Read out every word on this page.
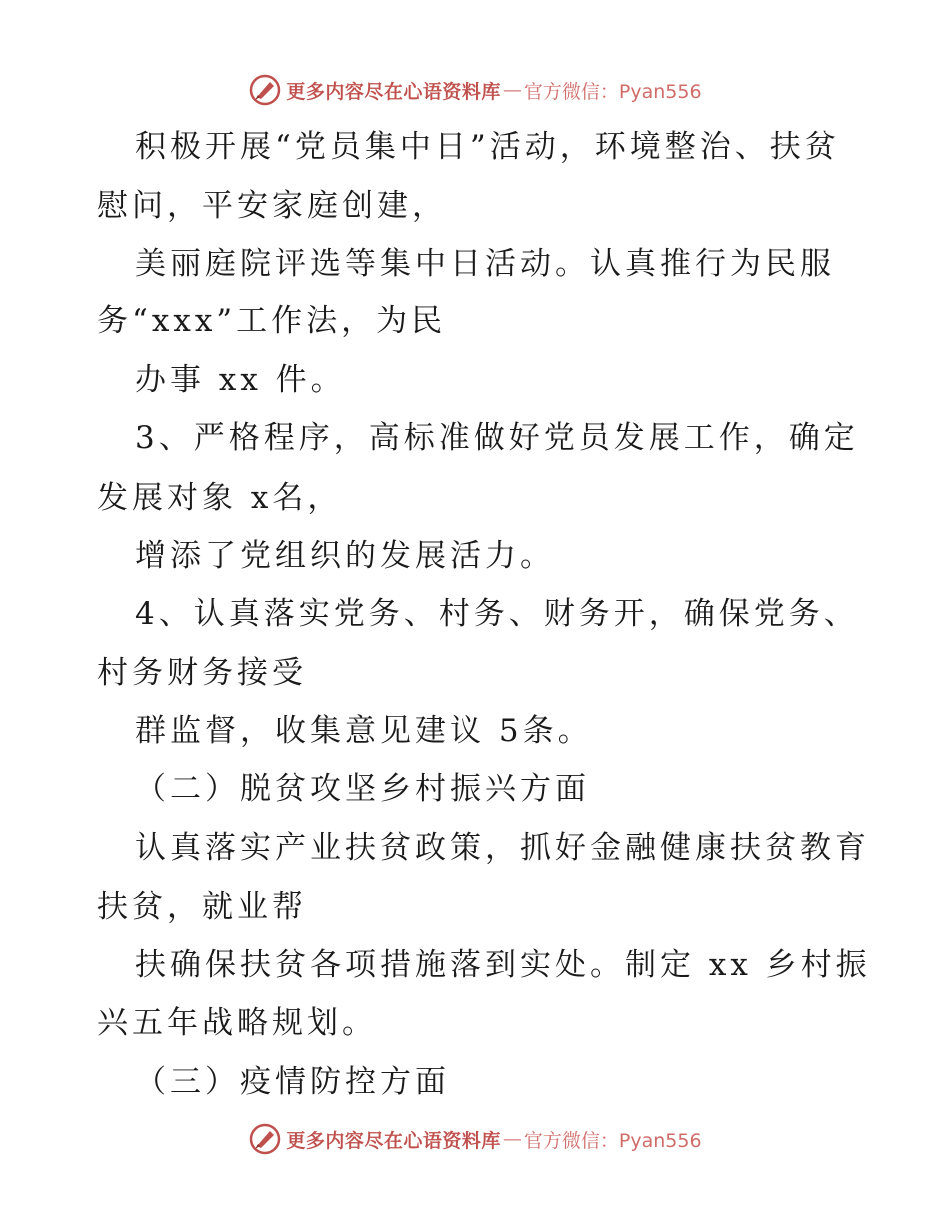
更多内容尽在心语资料库 — 官方微信：Pyan556
积极开展“党员集中日”活动，环境整治、扶贫
慰问，平安家庭创建，
美丽庭院评选等集中日活动。认真推行为民服
务“xxx”工作法，为民
办事 xx 件。
3、严格程序，高标准做好党员发展工作，确定
发展对象 x名，
增添了党组织的发展活力。
4、认真落实党务、村务、财务开，确保党务、
村务财务接受
群监督，收集意见建议 5条。
（二）脱贫攻坚乡村振兴方面
认真落实产业扶贫政策，抓好金融健康扶贫教育
扶贫，就业帮
扶确保扶贫各项措施落到实处。制定 xx 乡村振
兴五年战略规划。
（三）疫情防控方面
更多内容尽在心语资料库 — 官方微信：Pyan556
